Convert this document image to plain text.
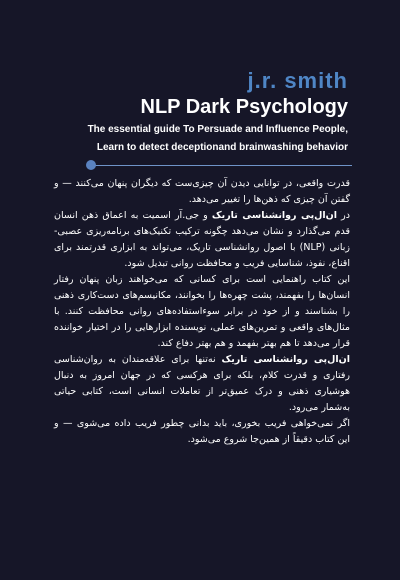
j.r. smith
NLP Dark Psychology
The essential guide To Persuade and Influence People,
Learn to detect deceptionand brainwashing behavior

قدرت واقعی، در توانایی دیدن آن چیزی‌ست که دیگران پنهان می‌کنند — و گفتن آن چیزی که ذهن‌ها را تغییر می‌دهد.

در ان‌ال‌پی روانشناسی تاریک و جی.آر اسمیت به اعماق ذهن انسان قدم می‌گذارد و نشان می‌دهد چگونه ترکیب تکنیک‌های برنامه‌ریزی عصبی-زبانی (NLP) با اصول روانشناسی تاریک، می‌تواند به ابزاری قدرتمند برای اقناع، نفوذ، شناسایی فریب و محافظت روانی تبدیل شود.

این کتاب راهنمایی است برای کسانی که می‌خواهند زبان پنهان رفتار انسان‌ها را بفهمند، پشت چهره‌ها را بخوانند، مکانیسم‌های دست‌کاری ذهنی را بشناسند و از خود در برابر سوءاستفاده‌های روانی محافظت کنند. با مثال‌های واقعی و تمرین‌های عملی، نویسنده ابزارهایی را در اختیار خواننده قرار می‌دهد تا هم بهتر بفهمد و هم بهتر دفاع کند.

ان‌ال‌پی روانشناسی تاریک نه‌تنها برای علاقه‌مندان به روان‌شناسی رفتاری و قدرت کلام، بلکه برای هرکسی که در جهان امروز به دنبال هوشیاری ذهنی و درک عمیق‌تر از تعاملات انسانی است، کتابی حیاتی به‌شمار می‌رود.

اگر نمی‌خواهی فریب بخوری، باید بدانی چطور فریب داده می‌شوی — و این کتاب دقیقاً از همین‌جا شروع می‌شود.
